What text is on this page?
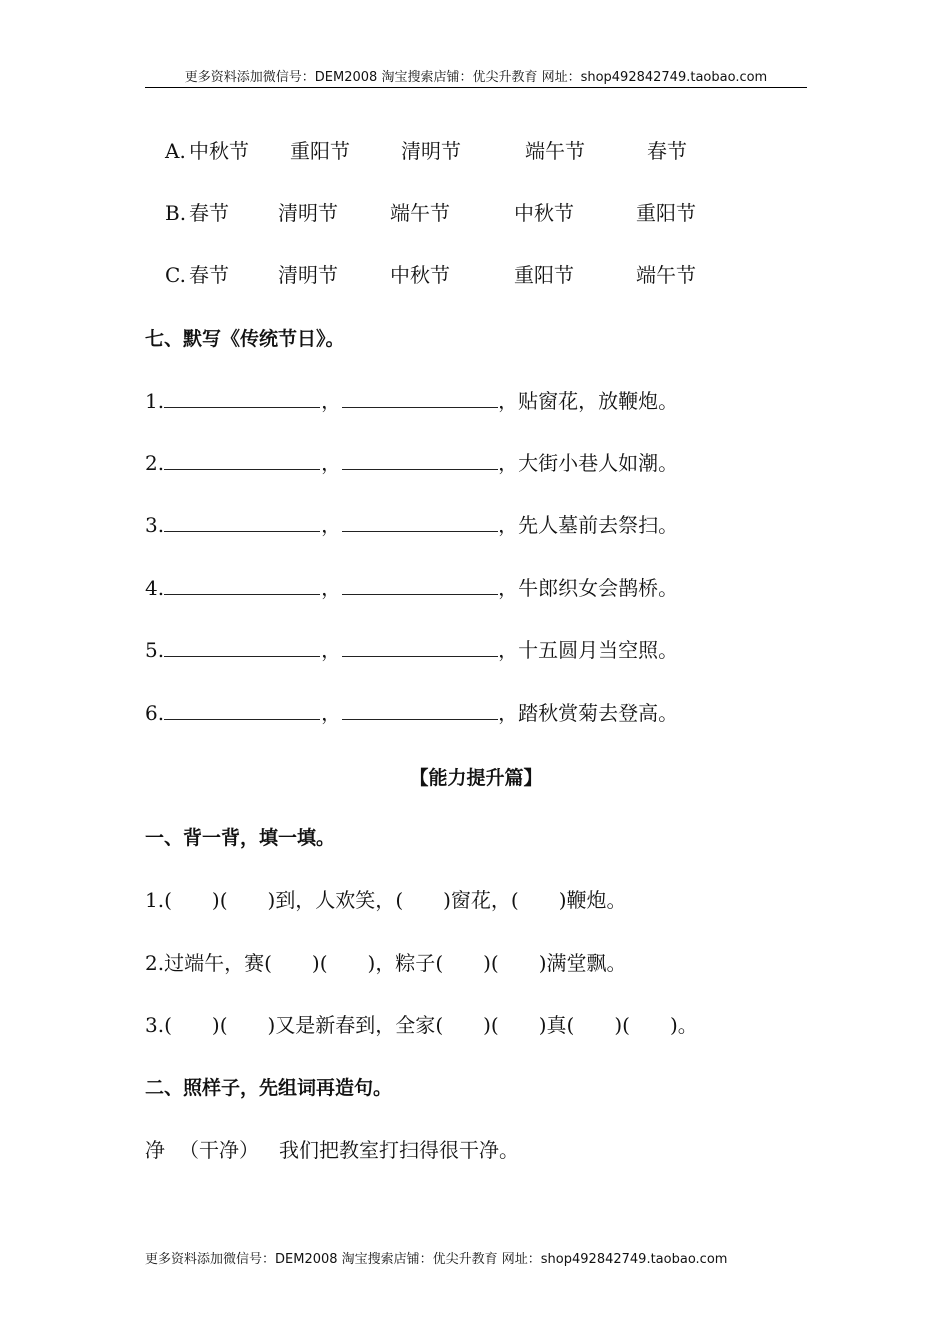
更多资料添加微信号：DEM2008 淘宝搜索店铺：优尖升教育 网址：shop492842749.taobao.com
A. 中秋节 重阳节	清明节	端午节	春节
B. 春节 清明节	端午节	中秋节	重阳节
C. 春节 清明节	中秋节	重阳节	端午节
七、默写《传统节日》。
1.	，	，贴窗花，放鞭炮。
2.	，	，大街小巷人如潮。
3.	，	，先人墓前去祭扫。
4.	，	，牛郎织女会鹊桥。
5.	，	，十五圆月当空照。
6.	，	，踏秋赏菊去登高。
【能力提升篇】
一、背一背，填一填。
1.(　　)(　　)到，人欢笑，(　　)窗花，(　　)鞭炮。
2.过端午，赛(　　)(　　)，粽子(　　)(　　)满堂飘。
3.(　　)(　　)又是新春到，全家(　　)(　　)真(　　)(　　)。
二、照样子，先组词再造句。
净 （干净） 我们把教室打扫得很干净。
更多资料添加微信号：DEM2008 淘宝搜索店铺：优尖升教育 网址：shop492842749.taobao.com
